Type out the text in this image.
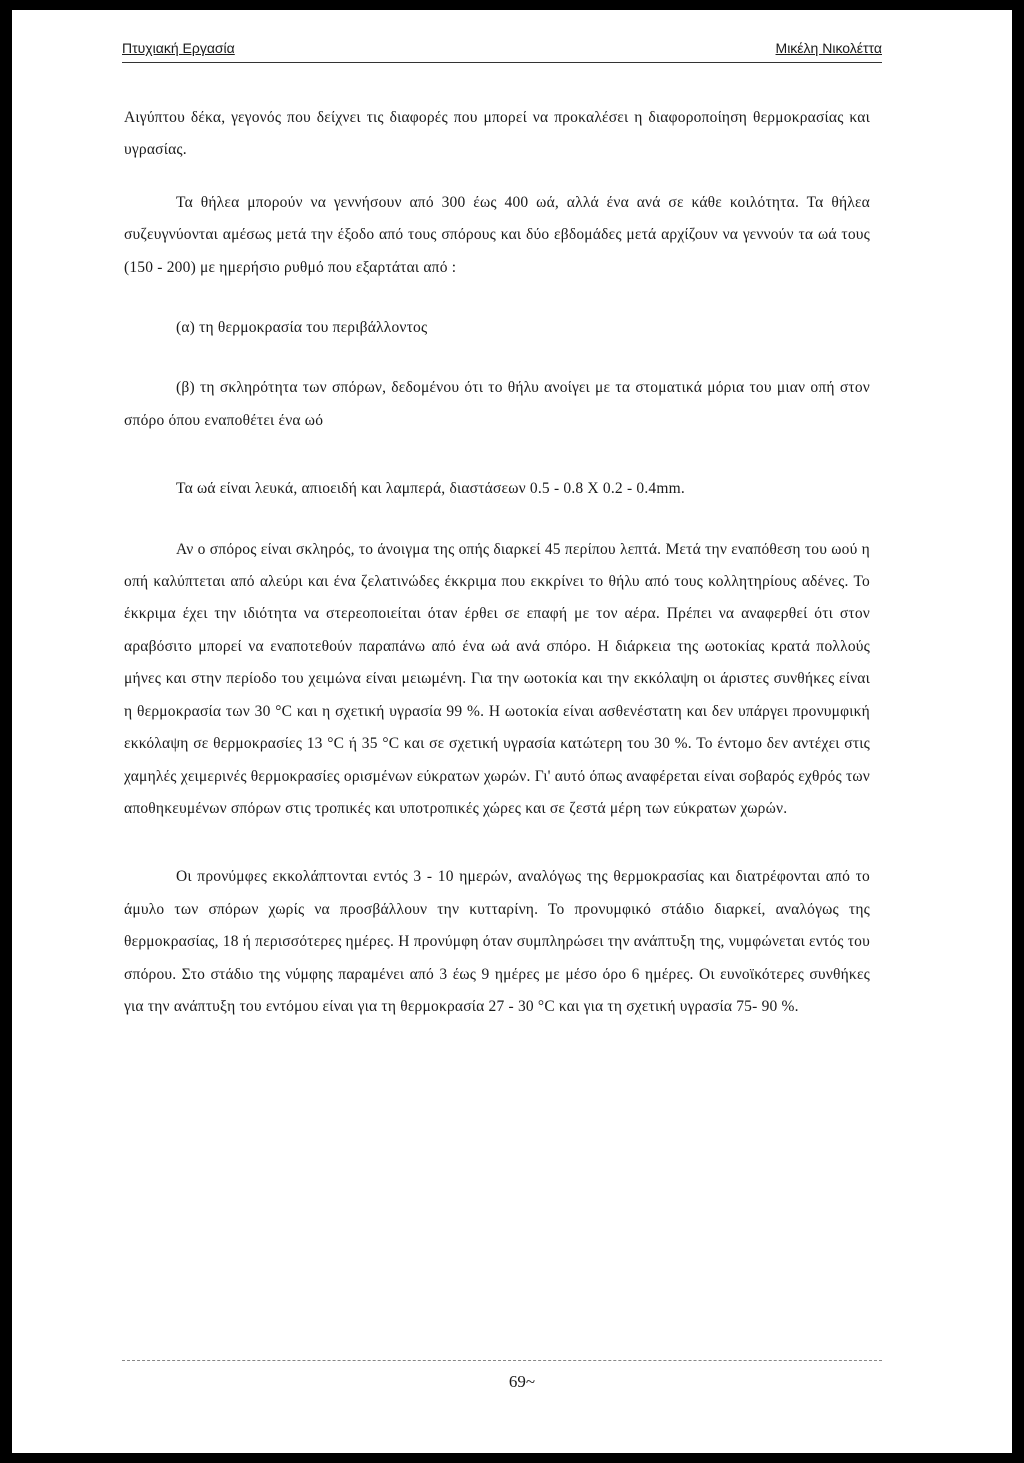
Πτυχιακή Εργασία	Μικέλη Νικολέττα

Αιγύπτου δέκα, γεγονός που δείχνει τις διαφορές που μπορεί να προκαλέσει η διαφοροποίηση θερμοκρασίας και υγρασίας.

Τα θήλεα μπορούν να γεννήσουν από 300 έως 400 ωά, αλλά ένα ανά σε κάθε κοιλότητα. Τα θήλεα συζευγνύονται αμέσως μετά την έξοδο από τους σπόρους και δύο εβδομάδες μετά αρχίζουν να γεννούν τα ωά τους (150 - 200) με ημερήσιο ρυθμό που εξαρτάται από :

(α) τη θερμοκρασία του περιβάλλοντος

(β) τη σκληρότητα των σπόρων, δεδομένου ότι το θήλυ ανοίγει με τα στοματικά μόρια του μιαν οπή στον σπόρο όπου εναποθέτει ένα ωό

Τα ωά είναι λευκά, απιοειδή και λαμπερά, διαστάσεων 0.5 - 0.8 Χ 0.2 - 0.4mm.

Αν ο σπόρος είναι σκληρός, το άνοιγμα της οπής διαρκεί 45 περίπου λεπτά. Μετά την εναπόθεση του ωού η οπή καλύπτεται από αλεύρι και ένα ζελατινώδες έκκριμα που εκκρίνει το θήλυ από τους κολλητηρίους αδένες. Το έκκριμα έχει την ιδιότητα να στερεοποιείται όταν έρθει σε επαφή με τον αέρα. Πρέπει να αναφερθεί ότι στον αραβόσιτο μπορεί να εναποτεθούν παραπάνω από ένα ωά ανά σπόρο. Η διάρκεια της ωοτοκίας κρατά πολλούς μήνες και στην περίοδο του χειμώνα είναι μειωμένη. Για την ωοτοκία και την εκκόλαψη οι άριστες συνθήκες είναι η θερμοκρασία των 30 °C και η σχετική υγρασία 99 %. Η ωοτοκία είναι ασθενέστατη και δεν υπάργει προνυμφική εκκόλαψη σε θερμοκρασίες 13 °C ή 35 °C και σε σχετική υγρασία κατώτερη του 30 %. Το έντομο δεν αντέχει στις χαμηλές χειμερινές θερμοκρασίες ορισμένων εύκρατων χωρών. Γι' αυτό όπως αναφέρεται είναι σοβαρός εχθρός των αποθηκευμένων σπόρων στις τροπικές και υποτροπικές χώρες και σε ζεστά μέρη των εύκρατων χωρών.

Οι προνύμφες εκκολάπτονται εντός 3 - 10 ημερών, αναλόγως της θερμοκρασίας και διατρέφονται από το άμυλο των σπόρων χωρίς να προσβάλλουν την κυτταρίνη. Το προνυμφικό στάδιο διαρκεί, αναλόγως της θερμοκρασίας, 18 ή περισσότερες ημέρες. Η προνύμφη όταν συμπληρώσει την ανάπτυξη της, νυμφώνεται εντός του σπόρου. Στο στάδιο της νύμφης παραμένει από 3 έως 9 ημέρες με μέσο όρο 6 ημέρες. Οι ευνοϊκότερες συνθήκες για την ανάπτυξη του εντόμου είναι για τη θερμοκρασία 27 - 30 °C και για τη σχετική υγρασία 75- 90 %.

69~
